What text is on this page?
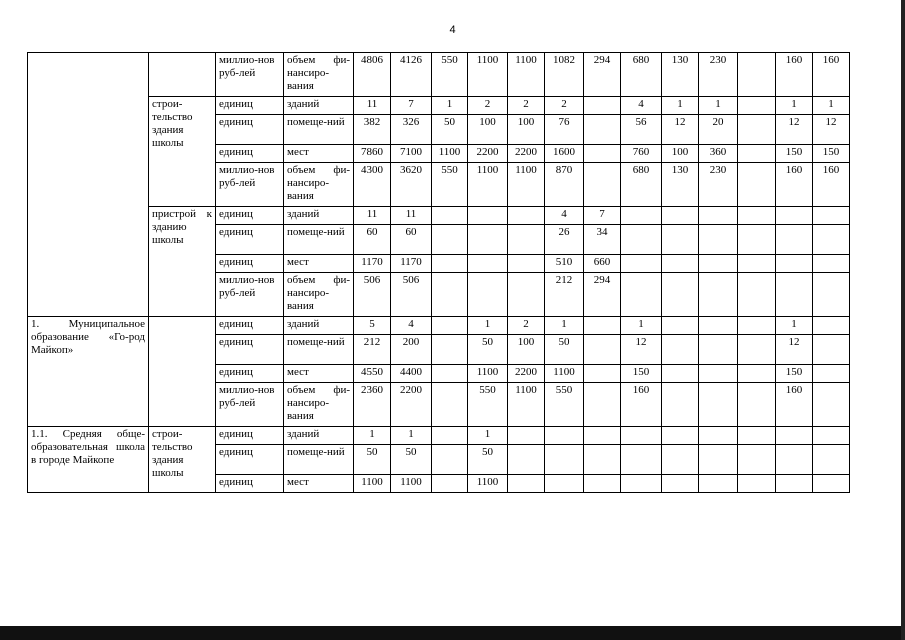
4
		миллио-нов руб-лей	объем фи-нансиро-вания	4806	4126	550	1100	1100	1082	294	680	130	230		160	160
	строи-тельство здания школы	единиц	зданий	11	7	1	2	2	2		4	1	1		1	1
		единиц	помеще-ний	382	326	50	100	100	76		56	12	20		12	12
		единиц	мест	7860	7100	1100	2200	2200	1600		760	100	360		150	150
		миллио-нов руб-лей	объем фи-нансиро-вания	4300	3620	550	1100	1100	870		680	130	230		160	160
	пристрой к зданию школы	единиц	зданий	11	11				4	7						
		единиц	помеще-ний	60	60				26	34						
		единиц	мест	1170	1170				510	660						
		миллио-нов руб-лей	объем фи-нансиро-вания	506	506				212	294						
1. Муниципальное образование «Го-род Майкоп»		единиц	зданий	5	4		1	2	1		1				1	
		единиц	помеще-ний	212	200		50	100	50		12				12	
		единиц	мест	4550	4400		1100	2200	1100		150				150	
		миллио-нов руб-лей	объем фи-нансиро-вания	2360	2200		550	1100	550		160				160	
1.1. Средняя обще-образовательная школа в городе Майкопе	строи-тельство здания школы	единиц	зданий	1	1		1									
		единиц	помеще-ний	50	50		50									
		единиц	мест	1100	1100		1100									
